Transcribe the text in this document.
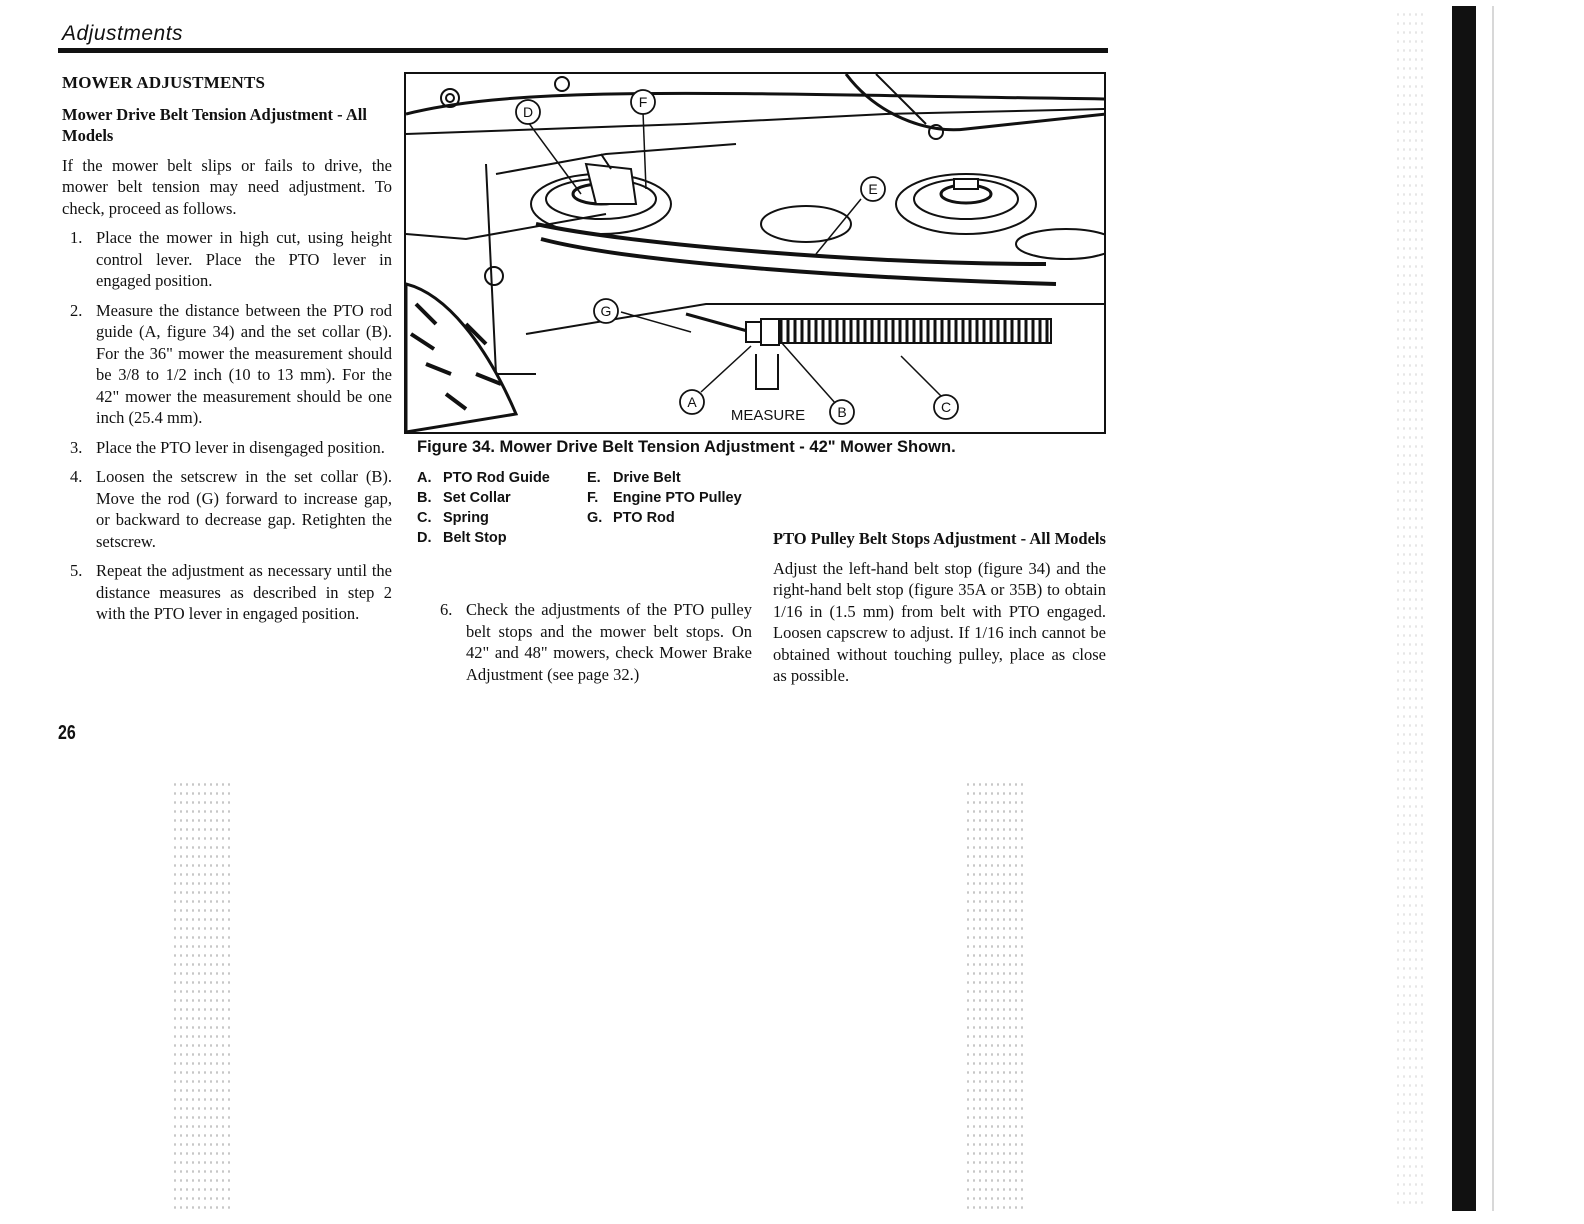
Adjustments
MOWER ADJUSTMENTS
Mower Drive Belt Tension Adjustment - All Models
If the mower belt slips or fails to drive, the mower belt tension may need adjustment. To check, proceed as follows.
1. Place the mower in high cut, using height control lever. Place the PTO lever in engaged position.
2. Measure the distance between the PTO rod guide (A, figure 34) and the set collar (B). For the 36" mower the measurement should be 3/8 to 1/2 inch (10 to 13 mm). For the 42" mower the measurement should be one inch (25.4 mm).
3. Place the PTO lever in disengaged position.
4. Loosen the setscrew in the set collar (B). Move the rod (G) forward to increase gap, or backward to decrease gap. Retighten the setscrew.
5. Repeat the adjustment as necessary until the distance measures as described in step 2 with the PTO lever in engaged position.
D
F
E
G
A
B	C
MEASURE
Figure 34. Mower Drive Belt Tension Adjustment - 42" Mower Shown.
A. PTO Rod Guide
B. Set Collar
C. Spring
D. Belt Stop
E. Drive Belt
F. Engine PTO Pulley
G. PTO Rod
6. Check the adjustments of the PTO pulley belt stops and the mower belt stops. On 42" and 48" mowers, check Mower Brake Adjustment (see page 32.)
PTO Pulley Belt Stops Adjustment - All Models
Adjust the left-hand belt stop (figure 34) and the right-hand belt stop (figure 35A or 35B) to obtain 1/16 in (1.5 mm) from belt with PTO engaged. Loosen capscrew to adjust. If 1/16 inch cannot be obtained without touching pulley, place as close as possible.
26
